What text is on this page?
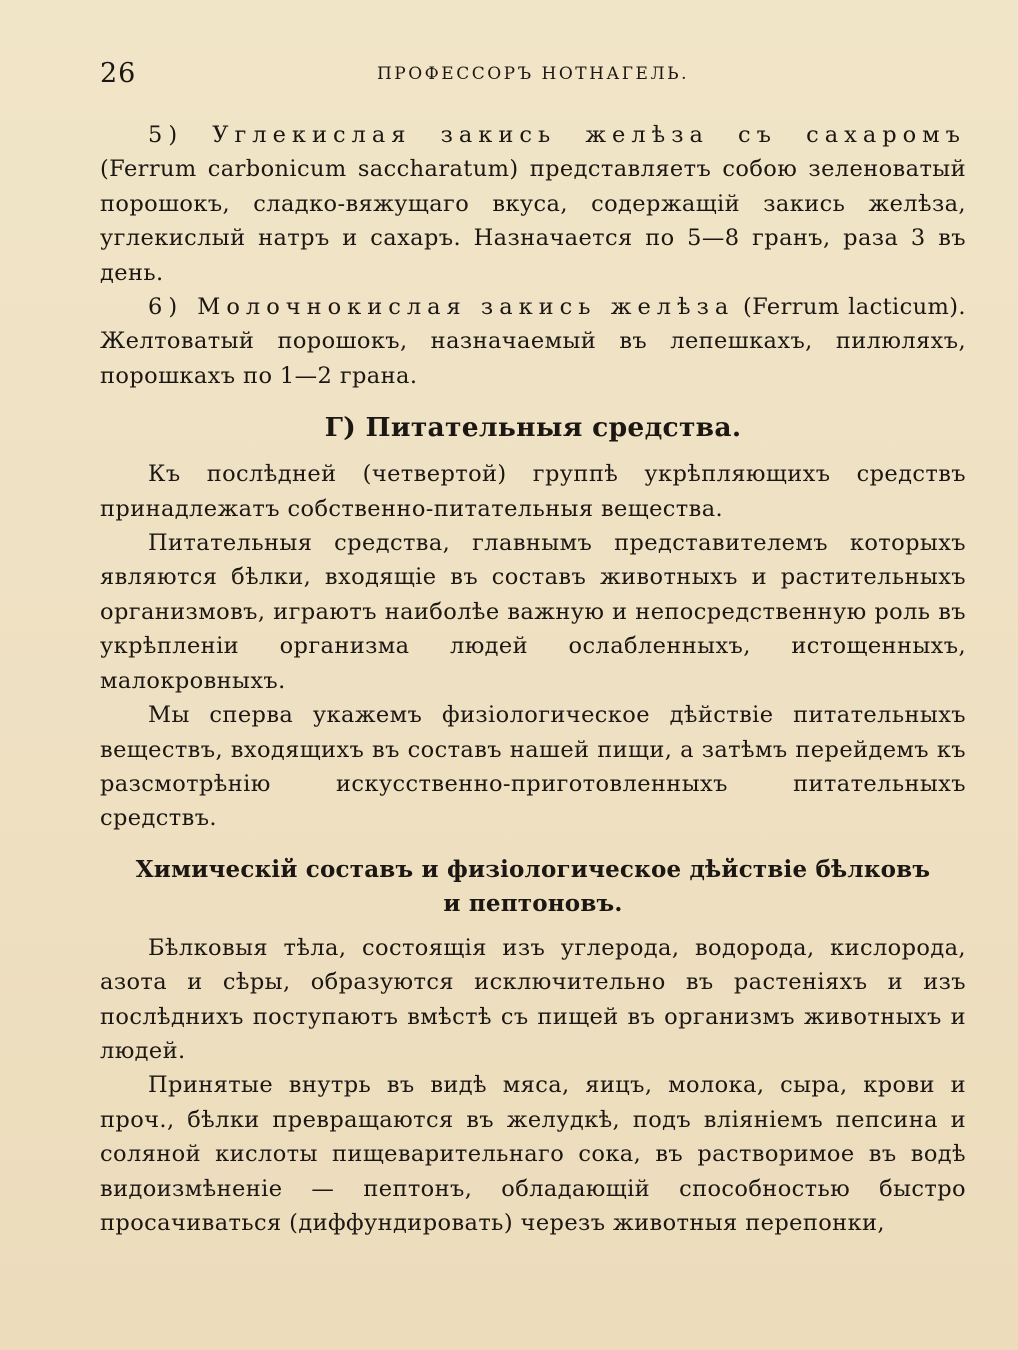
26	ПРОФЕССОРЪ НОТНАГЕЛЬ.

5) Углекислая закись желѣза съ сахаромъ (Ferrum carbonicum saccharatum) представляетъ собою зеленоватый порошокъ, сладко-вяжущаго вкуса, содержащій закись желѣза, углекислый натръ и сахаръ. Назначается по 5—8 гранъ, раза 3 въ день.

6) Молочнокислая закись желѣза (Ferrum lacticum). Желтоватый порошокъ, назначаемый въ лепешкахъ, пилюляхъ, порошкахъ по 1—2 грана.

Г) Питательныя средства.

Къ послѣдней (четвертой) группѣ укрѣпляющихъ средствъ принадлежатъ собственно-питательныя вещества.

Питательныя средства, главнымъ представителемъ которыхъ являются бѣлки, входящіе въ составъ животныхъ и растительныхъ организмовъ, играютъ наиболѣе важную и непосредственную роль въ укрѣпленіи организма людей ослабленныхъ, истощенныхъ, малокровныхъ.

Мы сперва укажемъ физіологическое дѣйствіе питательныхъ веществъ, входящихъ въ составъ нашей пищи, а затѣмъ перейдемъ къ разсмотрѣнію искусственно-приготовленныхъ питательныхъ средствъ.

Химическій составъ и физіологическое дѣйствіе бѣлковъ
и пептоновъ.

Бѣлковыя тѣла, состоящія изъ углерода, водорода, кислорода, азота и сѣры, образуются исключительно въ растеніяхъ и изъ послѣднихъ поступаютъ вмѣстѣ съ пищей въ организмъ животныхъ и людей.

Принятые внутрь въ видѣ мяса, яицъ, молока, сыра, крови и проч., бѣлки превращаются въ желудкѣ, подъ вліяніемъ пепсина и соляной кислоты пищеварительнаго сока, въ растворимое въ водѣ видоизмѣненіе — пептонъ, обладающій способностью быстро просачиваться (диффундировать) черезъ животныя перепонки,
